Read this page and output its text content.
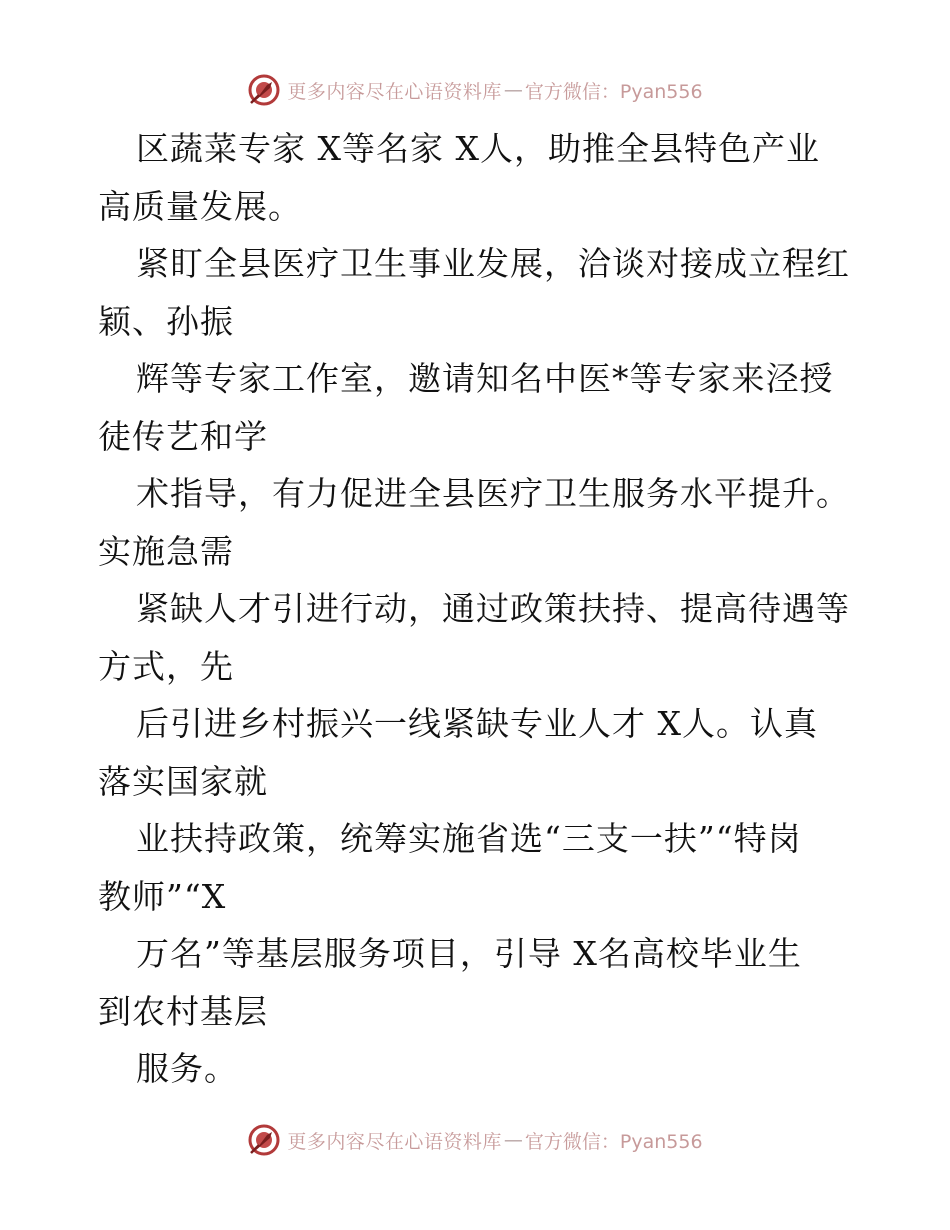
更多内容尽在心语资料库 — 官方微信：Pyan556
区蔬菜专家 X等名家 X人，助推全县特色产业
高质量发展。
紧盯全县医疗卫生事业发展，洽谈对接成立程红
颖、孙振
辉等专家工作室，邀请知名中医*等专家来泾授
徒传艺和学
术指导，有力促进全县医疗卫生服务水平提升。
实施急需
紧缺人才引进行动，通过政策扶持、提高待遇等
方式，先
后引进乡村振兴一线紧缺专业人才 X人。认真
落实国家就
业扶持政策，统筹实施省选“三支一扶”“特岗
教师”“X
万名”等基层服务项目，引导 X名高校毕业生
到农村基层
服务。
更多内容尽在心语资料库 — 官方微信：Pyan556
